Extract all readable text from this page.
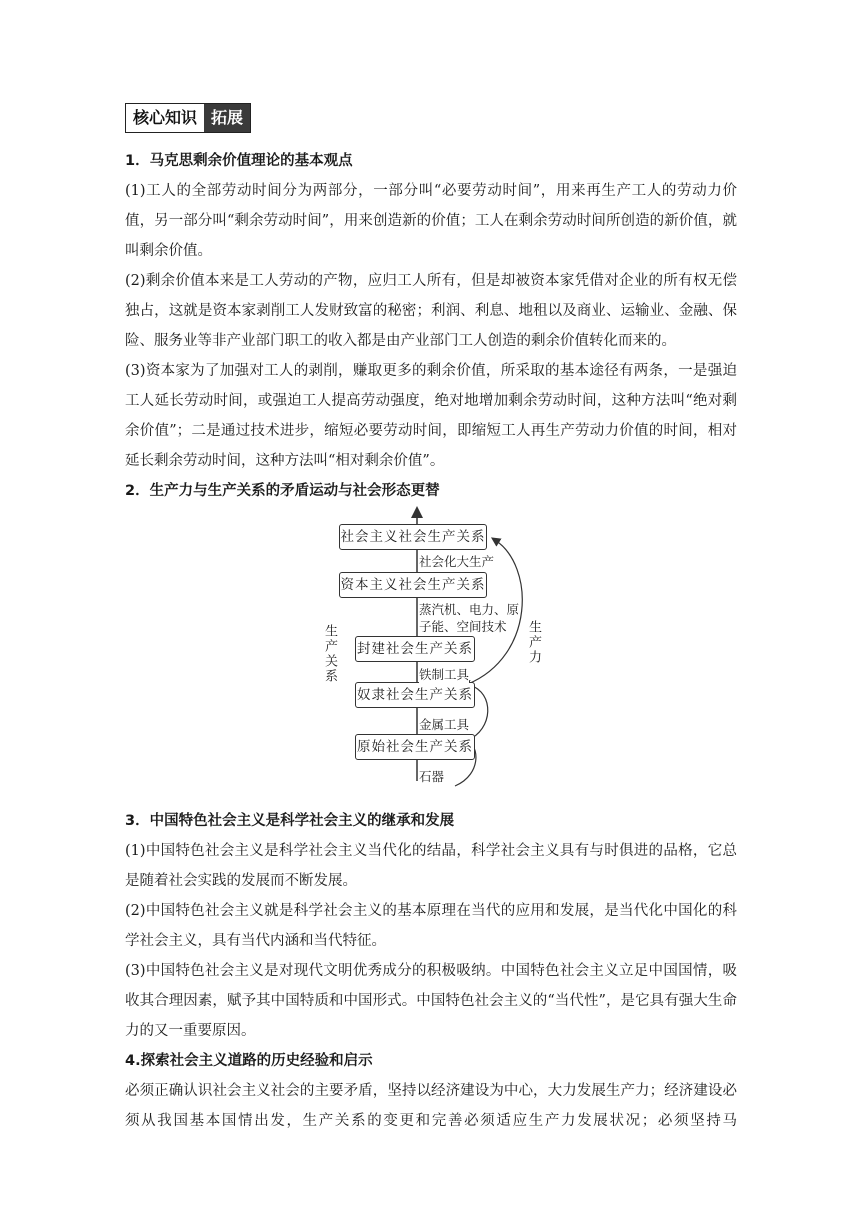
核心知识 拓展
1．马克思剩余价值理论的基本观点
(1)工人的全部劳动时间分为两部分，一部分叫“必要劳动时间”，用来再生产工人的劳动力价值，另一部分叫“剩余劳动时间”，用来创造新的价值；工人在剩余劳动时间所创造的新价值，就叫剩余价值。
(2)剩余价值本来是工人劳动的产物，应归工人所有，但是却被资本家凭借对企业的所有权无偿独占，这就是资本家剥削工人发财致富的秘密；利润、利息、地租以及商业、运输业、金融、保险、服务业等非产业部门职工的收入都是由产业部门工人创造的剩余价值转化而来的。
(3)资本家为了加强对工人的剥削，赚取更多的剩余价值，所采取的基本途径有两条，一是强迫工人延长劳动时间，或强迫工人提高劳动强度，绝对地增加剩余劳动时间，这种方法叫“绝对剩余价值”；二是通过技术进步，缩短必要劳动时间，即缩短工人再生产劳动力价值的时间，相对延长剩余劳动时间，这种方法叫“相对剩余价值”。
2．生产力与生产关系的矛盾运动与社会形态更替
社会主义社会生产关系
资本主义社会生产关系
封建社会生产关系
奴隶社会生产关系
原始社会生产关系
社会化大生产
蒸汽机、电力、原
子能、空间技术
铁制工具
金属工具
石器
生产关系	生产力
3．中国特色社会主义是科学社会主义的继承和发展
(1)中国特色社会主义是科学社会主义当代化的结晶，科学社会主义具有与时俱进的品格，它总是随着社会实践的发展而不断发展。
(2)中国特色社会主义就是科学社会主义的基本原理在当代的应用和发展，是当代化中国化的科学社会主义，具有当代内涵和当代特征。
(3)中国特色社会主义是对现代文明优秀成分的积极吸纳。中国特色社会主义立足中国国情，吸收其合理因素，赋予其中国特质和中国形式。中国特色社会主义的“当代性”，是它具有强大生命力的又一重要原因。
4.探索社会主义道路的历史经验和启示
必须正确认识社会主义社会的主要矛盾，坚持以经济建设为中心，大力发展生产力；经济建设必须从我国基本国情出发，生产关系的变更和完善必须适应生产力发展状况；必须坚持马
